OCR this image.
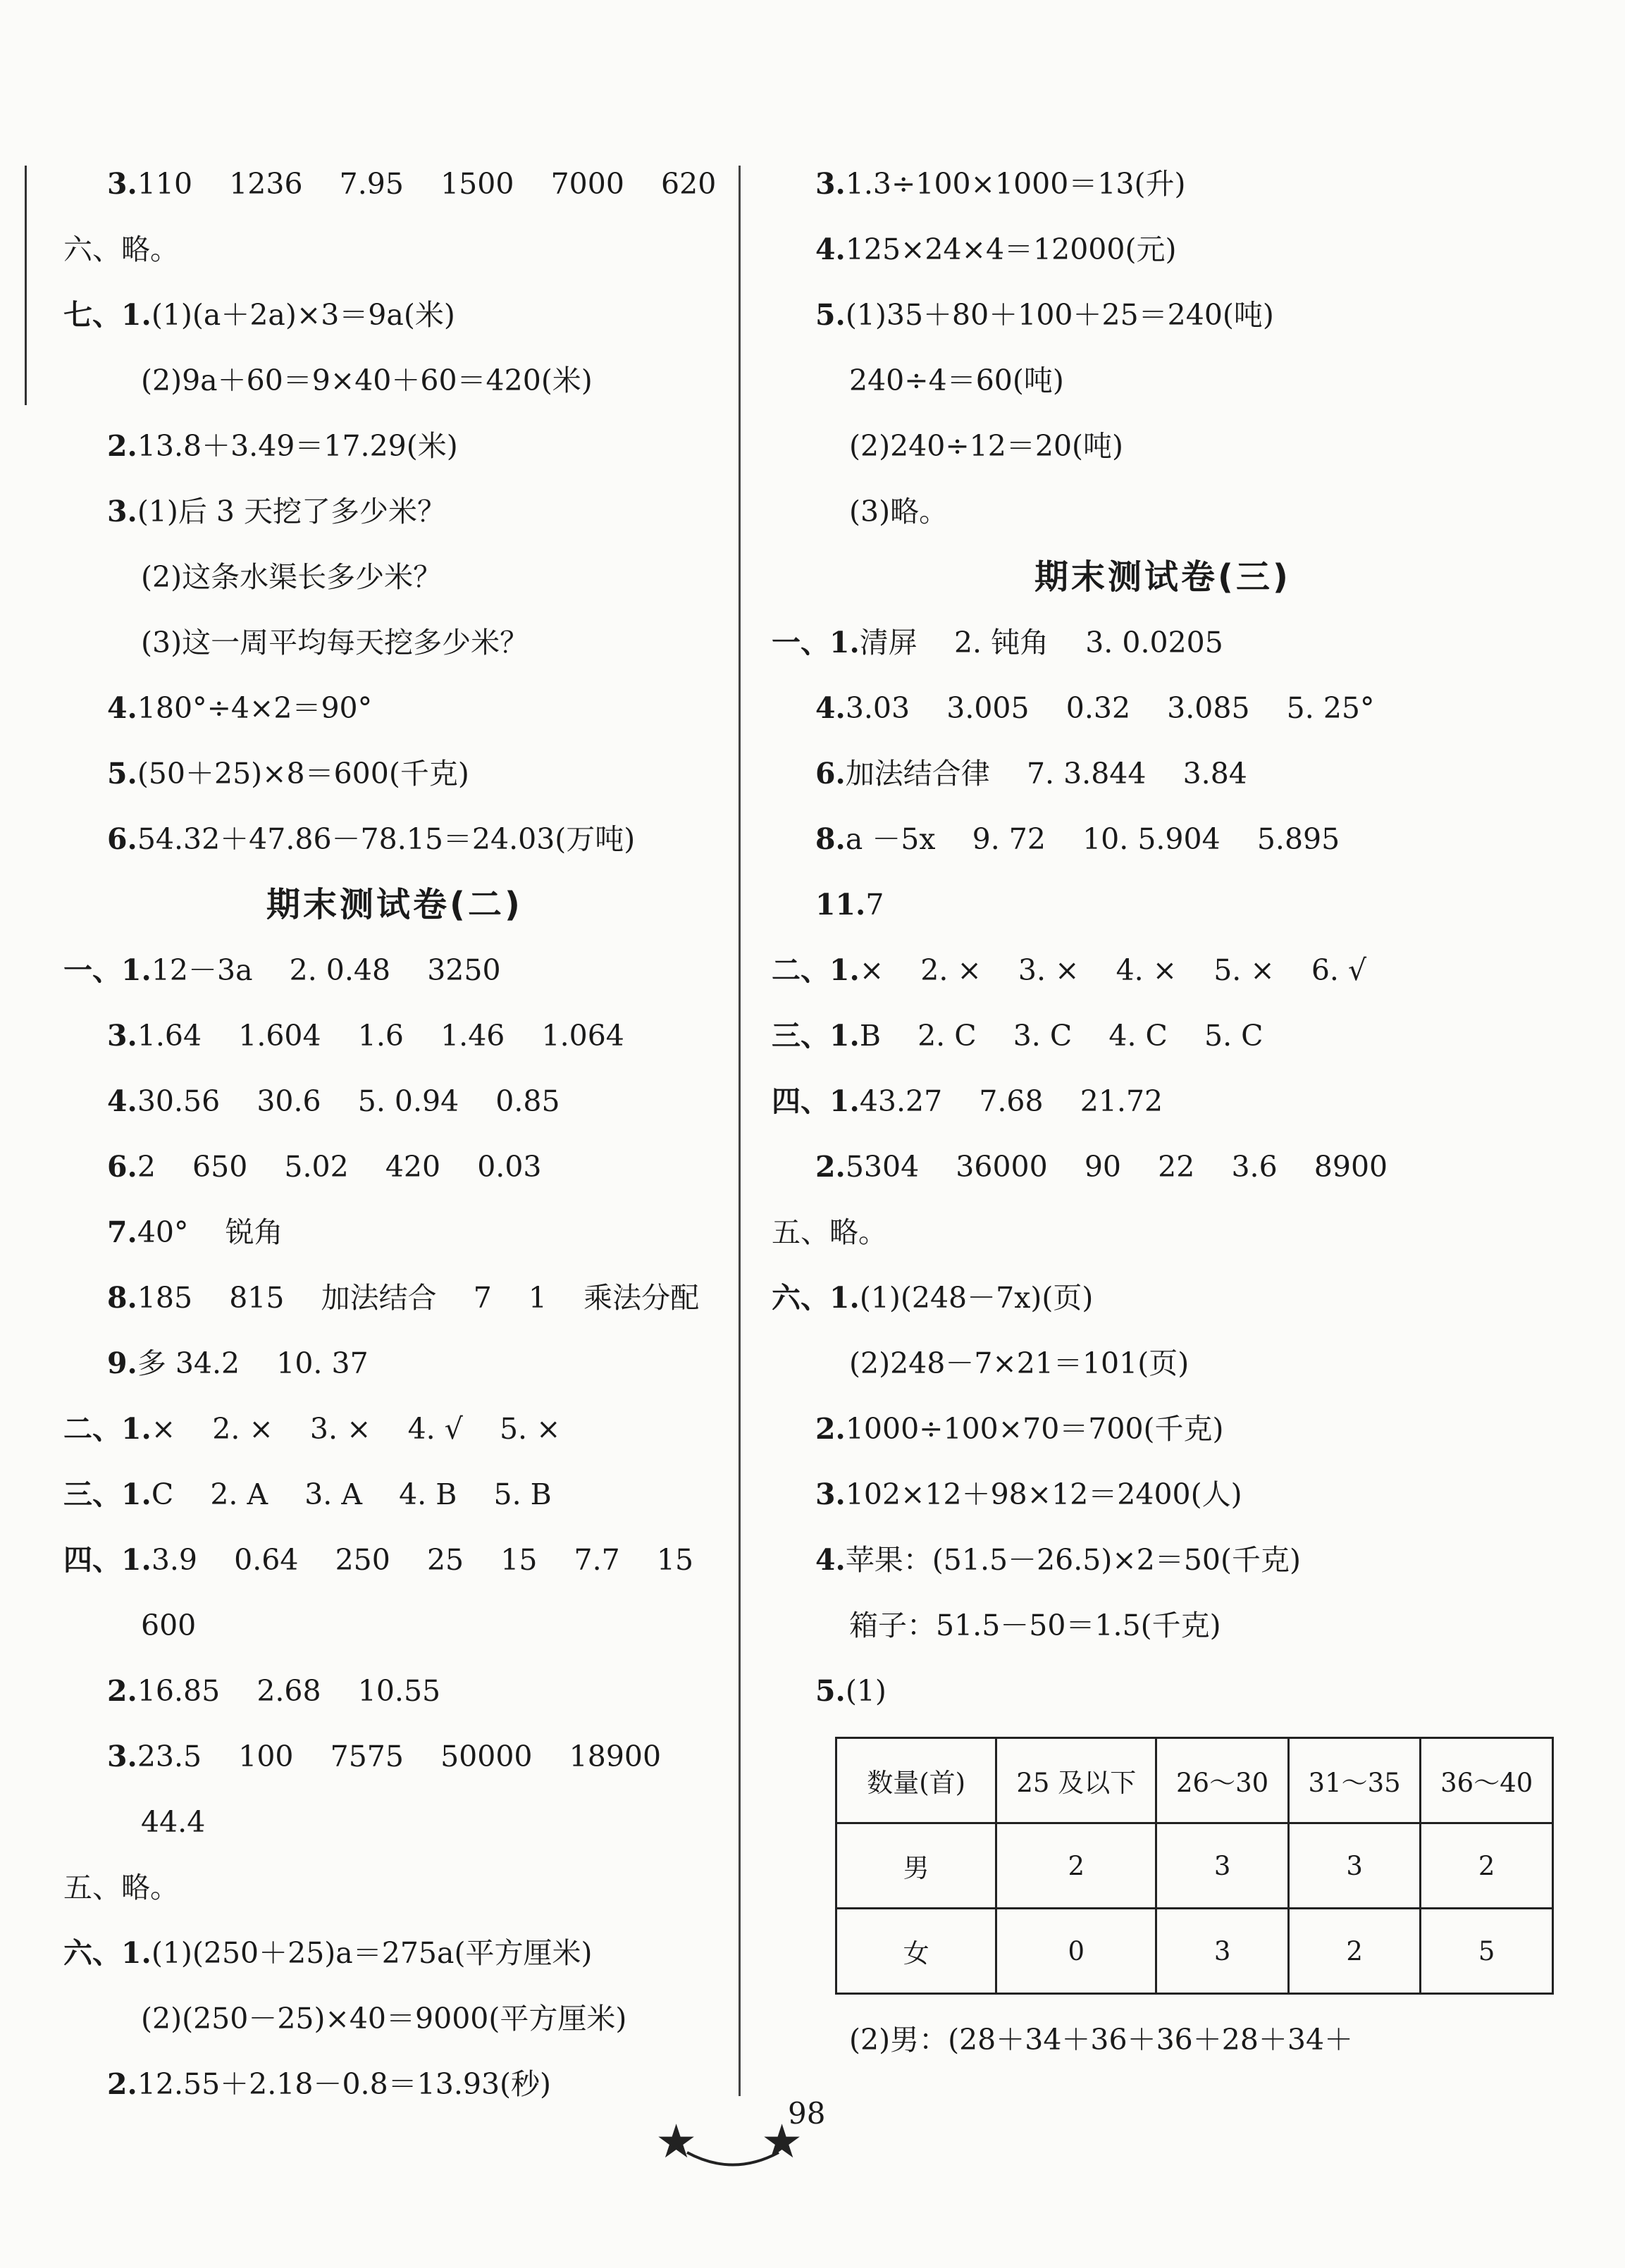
3.110    1236    7.95    1500    7000    620
六、略。
七、1.(1)(a＋2a)×3＝9a(米)
(2)9a＋60＝9×40＋60＝420(米)
2.13.8＋3.49＝17.29(米)
3.(1)后 3 天挖了多少米？
(2)这条水渠长多少米？
(3)这一周平均每天挖多少米？
4.180°÷4×2＝90°
5.(50＋25)×8＝600(千克)
6.54.32＋47.86－78.15＝24.03(万吨)
期末测试卷(二)
一、1.12－3a    2. 0.48    3250
3.1.64    1.604    1.6    1.46    1.064
4.30.56    30.6    5. 0.94    0.85
6.2    650    5.02    420    0.03
7.40°    锐角
8.185    815    加法结合    7    1    乘法分配
9.多 34.2    10. 37
二、1.×    2. ×    3. ×    4. √    5. ×
三、1.C    2. A    3. A    4. B    5. B
四、1.3.9    0.64    250    25    15    7.7    15
600
2.16.85    2.68    10.55
3.23.5    100    7575    50000    18900
44.4
五、略。
六、1.(1)(250＋25)a＝275a(平方厘米)
(2)(250－25)×40＝9000(平方厘米)
2.12.55＋2.18－0.8＝13.93(秒)
3.1.3÷100×1000＝13(升)
4.125×24×4＝12000(元)
5.(1)35＋80＋100＋25＝240(吨)
240÷4＝60(吨)
(2)240÷12＝20(吨)
(3)略。
期末测试卷(三)
一、1.清屏    2. 钝角    3. 0.0205
4.3.03    3.005    0.32    3.085    5. 25°
6.加法结合律    7. 3.844    3.84
8.a －5x    9. 72    10. 5.904    5.895
11.7
二、1.×    2. ×    3. ×    4. ×    5. ×    6. √
三、1.B    2. C    3. C    4. C    5. C
四、1.43.27    7.68    21.72
2.5304    36000    90    22    3.6    8900
五、略。
六、1.(1)(248－7x)(页)
(2)248－7×21＝101(页)
2.1000÷100×70＝700(千克)
3.102×12＋98×12＝2400(人)
4.苹果：(51.5－26.5)×2＝50(千克)
箱子：51.5－50＝1.5(千克)
5.(1)
数量(首)	25 及以下	26～30	31～35	36～40
男	2	3	3	2
女	0	3	2	5
(2)男：(28＋34＋36＋36＋28＋34＋
★ ★
98
